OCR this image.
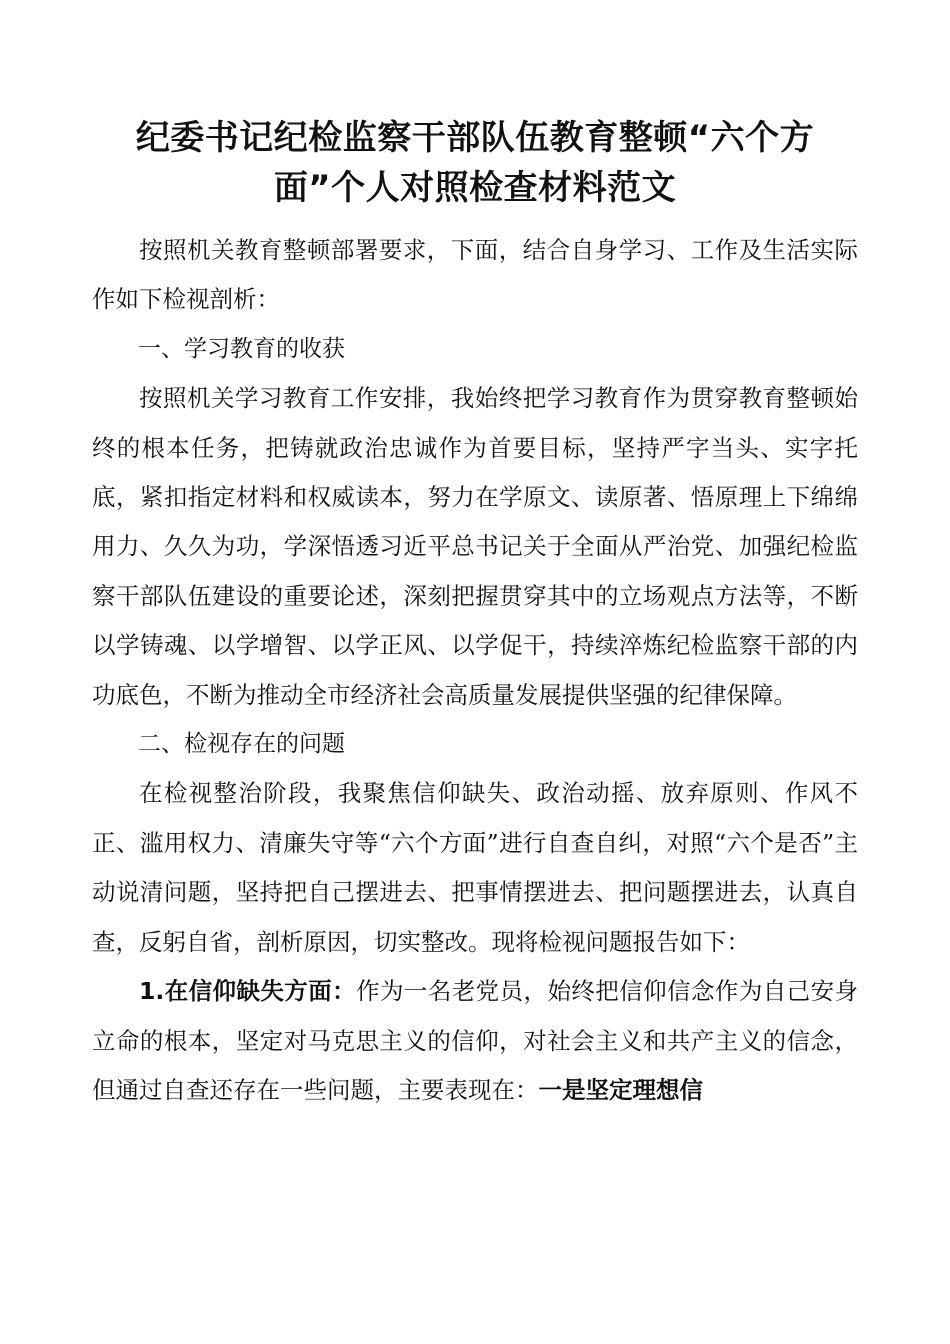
纪委书记纪检监察干部队伍教育整顿“六个方
面”个人对照检查材料范文

按照机关教育整顿部署要求，下面，结合自身学习、工作及生活实际作如下检视剖析：

一、学习教育的收获

按照机关学习教育工作安排，我始终把学习教育作为贯穿教育整顿始终的根本任务，把铸就政治忠诚作为首要目标，坚持严字当头、实字托底，紧扣指定材料和权威读本，努力在学原文、读原著、悟原理上下绵绵用力、久久为功，学深悟透习近平总书记关于全面从严治党、加强纪检监察干部队伍建设的重要论述，深刻把握贯穿其中的立场观点方法等，不断以学铸魂、以学增智、以学正风、以学促干，持续淬炼纪检监察干部的内功底色，不断为推动全市经济社会高质量发展提供坚强的纪律保障。

二、检视存在的问题

在检视整治阶段，我聚焦信仰缺失、政治动摇、放弃原则、作风不正、滥用权力、清廉失守等“六个方面”进行自查自纠，对照“六个是否”主动说清问题，坚持把自己摆进去、把事情摆进去、把问题摆进去，认真自查，反躬自省，剖析原因，切实整改。现将检视问题报告如下：

1.在信仰缺失方面：作为一名老党员，始终把信仰信念作为自己安身立命的根本，坚定对马克思主义的信仰，对社会主义和共产主义的信念，但通过自查还存在一些问题，主要表现在：一是坚定理想信
